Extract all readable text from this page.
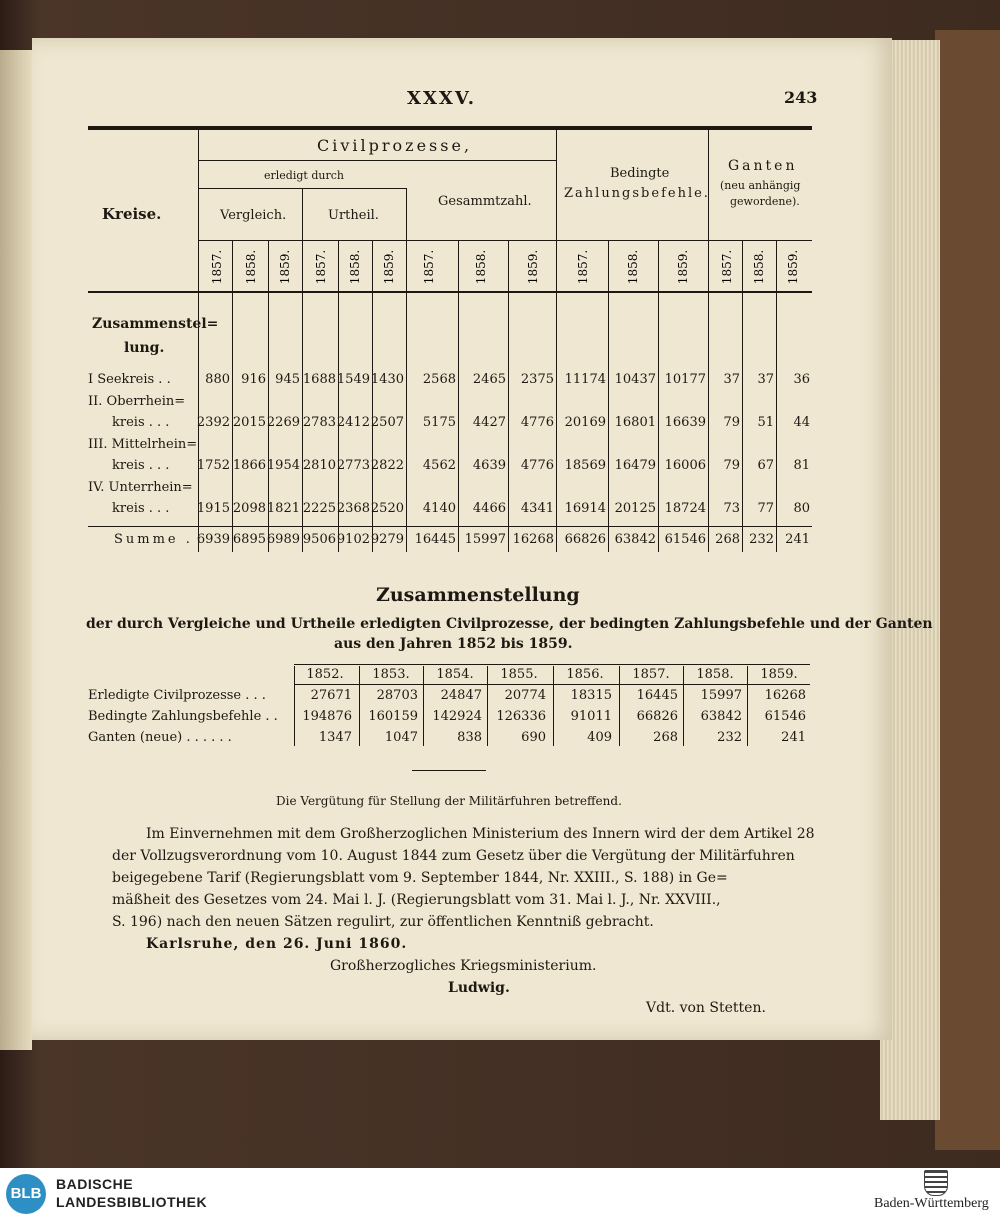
XXXV.	243
Kreise.
Civilprozesse,
erledigt durch
Vergleich.	Urtheil.
Gesammtzahl.
Bedingte
Zahlungsbefehle.
Ganten
(neu anhängig
gewordene).
1857. 1858. 1859. 1857. 1858. 1859. 1857.	1858.	1859.	1857.	1858.	1859.	1857. 1858. 1859.
Zusammenstel=
lung.
I Seekreis . .	880 916 945 1688 1549 1430	2568	2465	2375 11174 10437 10177	37	37	36
II. Oberrhein=
kreis . . . 2392 2015 2269 2783 2412 2507	5175	4427	4776 20169 16801 16639	79	51	44
III. Mittelrhein=
kreis . . . 1752 1866 1954 2810 2773 2822	4562	4639	4776 18569 16479 16006	79	67	81
IV. Unterrhein=
kreis . . . 1915 2098 1821 2225 2368 2520	4140	4466	4341 16914 20125 18724	73	77	80
Summe . 6939 6895 6989 9506 9102 9279 16445 15997 16268 66826 63842 61546 268 232 241
Zusammenstellung
der durch Vergleiche und Urtheile erledigten Civilprozesse, der bedingten Zahlungsbefehle und der Ganten
aus den Jahren 1852 bis 1859.
1852.	1853.	1854.	1855.	1856.	1857.	1858.	1859.
Erledigte Civilprozesse . . .	27671	28703	24847	20774	18315	16445	15997	16268
Bedingte Zahlungsbefehle . .	194876	160159	142924	126336	91011	66826	63842	61546
Ganten (neue) . . . . . .	1347	1047	838	690	409	268	232	241
Die Vergütung für Stellung der Militärfuhren betreffend.
Im Einvernehmen mit dem Großherzoglichen Ministerium des Innern wird der dem Artikel 28
der Vollzugsverordnung vom 10. August 1844 zum Gesetz über die Vergütung der Militärfuhren
beigegebene Tarif (Regierungsblatt vom 9. September 1844, Nr. XXIII., S. 188) in Ge=
mäßheit des Gesetzes vom 24. Mai l. J. (Regierungsblatt vom 31. Mai l. J., Nr. XXVIII.,
S. 196) nach den neuen Sätzen regulirt, zur öffentlichen Kenntniß gebracht.
Karlsruhe, den 26. Juni 1860.
Großherzogliches Kriegsministerium.
Ludwig.
Vdt. von Stetten.
BLB
BADISCHE
LANDESBIBLIOTHEK	Baden-Württemberg
